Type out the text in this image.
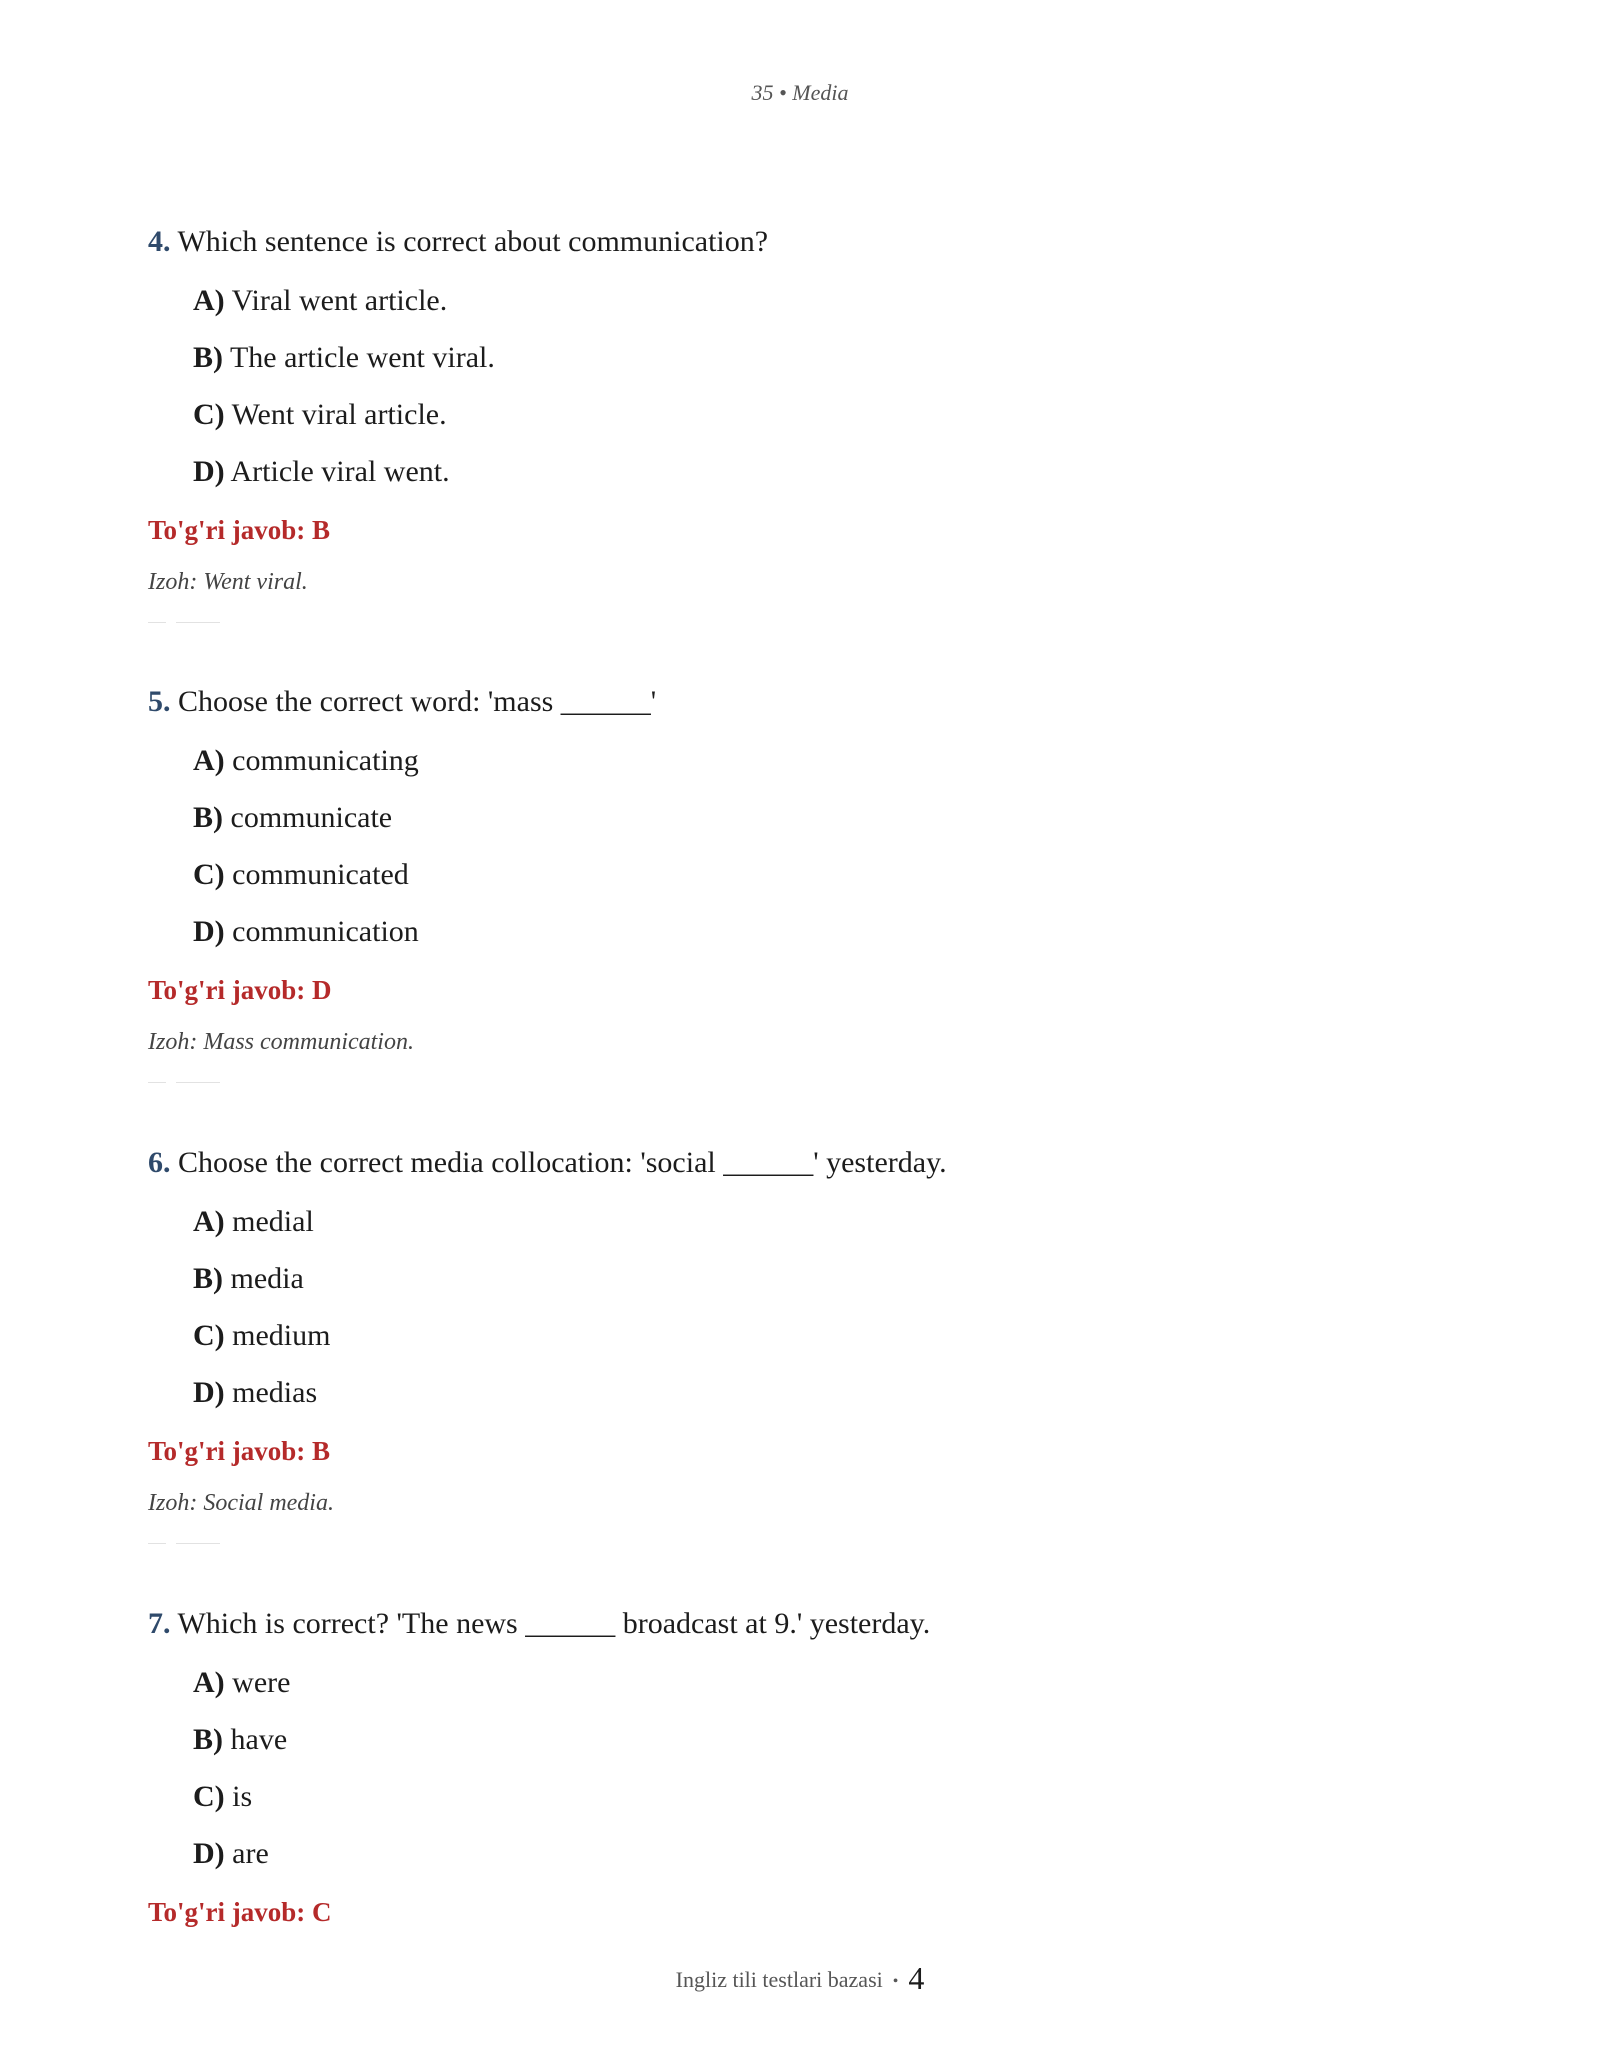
35 • Media

4. Which sentence is correct about communication?

A) Viral went article.
B) The article went viral.
C) Went viral article.
D) Article viral went.
To'g'ri javob: B
Izoh: Went viral.

5. Choose the correct word: 'mass ______'

A) communicating
B) communicate
C) communicated
D) communication
To'g'ri javob: D
Izoh: Mass communication.

6. Choose the correct media collocation: 'social ______' yesterday.

A) medial
B) media
C) medium
D) medias
To'g'ri javob: B
Izoh: Social media.

7. Which is correct? 'The news ______ broadcast at 9.' yesterday.

A) were
B) have
C) is
D) are
To'g'ri javob: C
Ingliz tili testlari bazasi • 4
